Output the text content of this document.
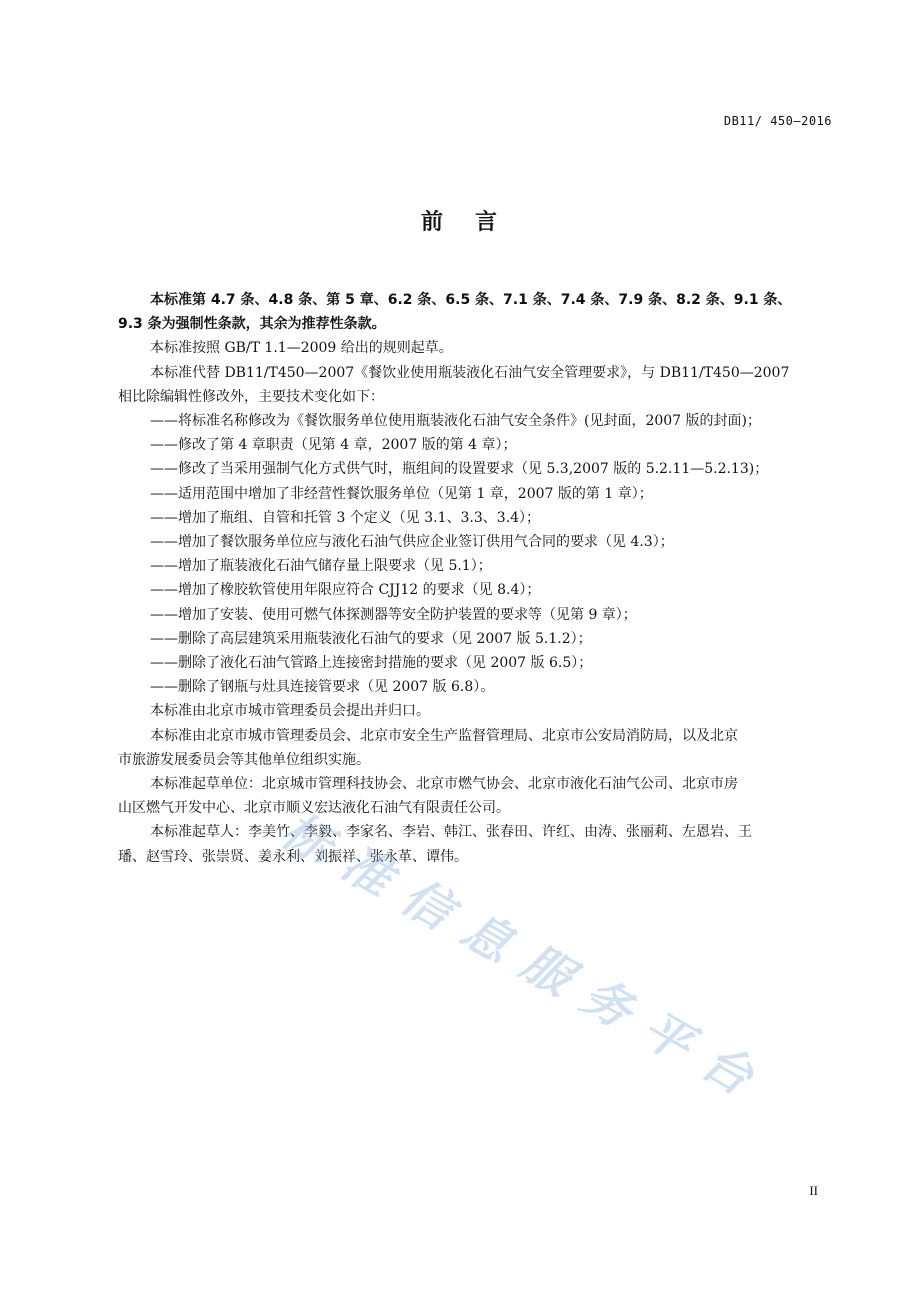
DB11/ 450—2016
前 言
本标准第 4.7 条、4.8 条、第 5 章、6.2 条、6.5 条、7.1 条、7.4 条、7.9 条、8.2 条、9.1 条、
9.3 条为强制性条款，其余为推荐性条款。
本标准按照 GB/T 1.1—2009 给出的规则起草。
本标准代替 DB11/T450—2007《餐饮业使用瓶装液化石油气安全管理要求》，与 DB11/T450—2007
相比除编辑性修改外，主要技术变化如下：
——将标准名称修改为《餐饮服务单位使用瓶装液化石油气安全条件》(见封面，2007 版的封面)；
——修改了第 4 章职责（见第 4 章，2007 版的第 4 章）；
——修改了当采用强制气化方式供气时，瓶组间的设置要求（见 5.3,2007 版的 5.2.11—5.2.13)；
——适用范围中增加了非经营性餐饮服务单位（见第 1 章，2007 版的第 1 章）；
——增加了瓶组、自管和托管 3 个定义（见 3.1、3.3、3.4）；
——增加了餐饮服务单位应与液化石油气供应企业签订供用气合同的要求（见 4.3）；
——增加了瓶装液化石油气储存量上限要求（见 5.1）；
——增加了橡胶软管使用年限应符合 CJJ12 的要求（见 8.4）；
——增加了安装、使用可燃气体探测器等安全防护装置的要求等（见第 9 章）；
——删除了高层建筑采用瓶装液化石油气的要求（见 2007 版 5.1.2）；
——删除了液化石油气管路上连接密封措施的要求（见 2007 版 6.5）；
——删除了钢瓶与灶具连接管要求（见 2007 版 6.8）。
本标准由北京市城市管理委员会提出并归口。
本标准由北京市城市管理委员会、北京市安全生产监督管理局、北京市公安局消防局，以及北京
市旅游发展委员会等其他单位组织实施。
本标准起草单位：北京城市管理科技协会、北京市燃气协会、北京市液化石油气公司、北京市房
山区燃气开发中心、北京市顺义宏达液化石油气有限责任公司。
本标准起草人：李美竹、李毅、李家名、李岩、韩江、张春田、许红、由涛、张丽莉、左恩岩、王
璠、赵雪玲、张崇贤、姜永利、刘振祥、张永革、谭伟。
标
准
信
息
服
务
平
台
II
